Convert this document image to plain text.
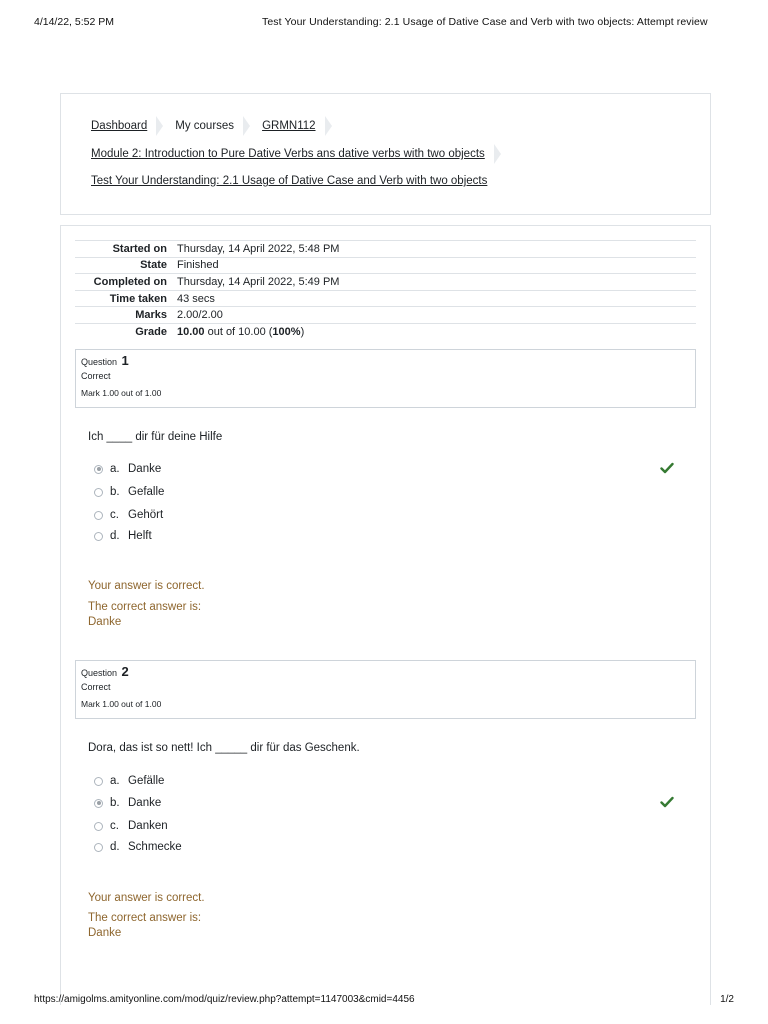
4/14/22, 5:52 PM	Test Your Understanding: 2.1 Usage of Dative Case and Verb with two objects: Attempt review
Dashboard My courses GRMN112
Module 2: Introduction to Pure Dative Verbs ans dative verbs with two objects
Test Your Understanding: 2.1 Usage of Dative Case and Verb with two objects
Started on	Thursday, 14 April 2022, 5:48 PM
State	Finished
Completed on	Thursday, 14 April 2022, 5:49 PM
Time taken	43 secs
Marks	2.00/2.00
Grade	10.00 out of 10.00 (100%)
Question 1
Correct
Mark 1.00 out of 1.00
Ich ____ dir für deine Hilfe
a. Danke
b. Gefalle
c. Gehört
d. Helft
Your answer is correct.
The correct answer is:
Danke
Question 2
Correct
Mark 1.00 out of 1.00
Dora, das ist so nett! Ich _____ dir für das Geschenk.
a. Gefälle
b. Danke
c. Danken
d. Schmecke
Your answer is correct.
The correct answer is:
Danke
https://amigolms.amityonline.com/mod/quiz/review.php?attempt=1147003&cmid=4456	1/2
